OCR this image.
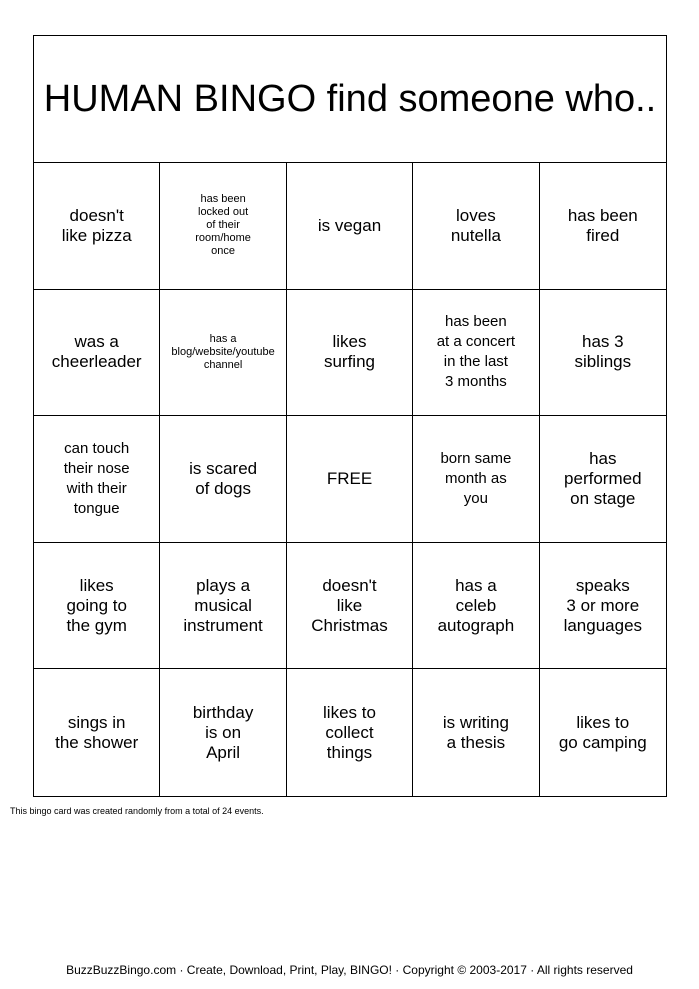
HUMAN BINGO find someone who..
doesn't
like pizza
has been
locked out
of their
room/home
once
is vegan
loves
nutella
has been
fired
was a
cheerleader
has a
blog/website/youtube
channel
likes
surfing
has been
at a concert
in the last
3 months
has 3
siblings
can touch
their nose
with their
tongue
is scared
of dogs
FREE
born same
month as
you
has
performed
on stage
likes
going to
the gym
plays a
musical
instrument
doesn't
like
Christmas
has a
celeb
autograph
speaks
3 or more
languages
sings in
the shower
birthday
is on
April
likes to
collect
things
is writing
a thesis
likes to
go camping
This bingo card was created randomly from a total of 24 events.
BuzzBuzzBingo.com · Create, Download, Print, Play, BINGO! · Copyright © 2003-2017 · All rights reserved
